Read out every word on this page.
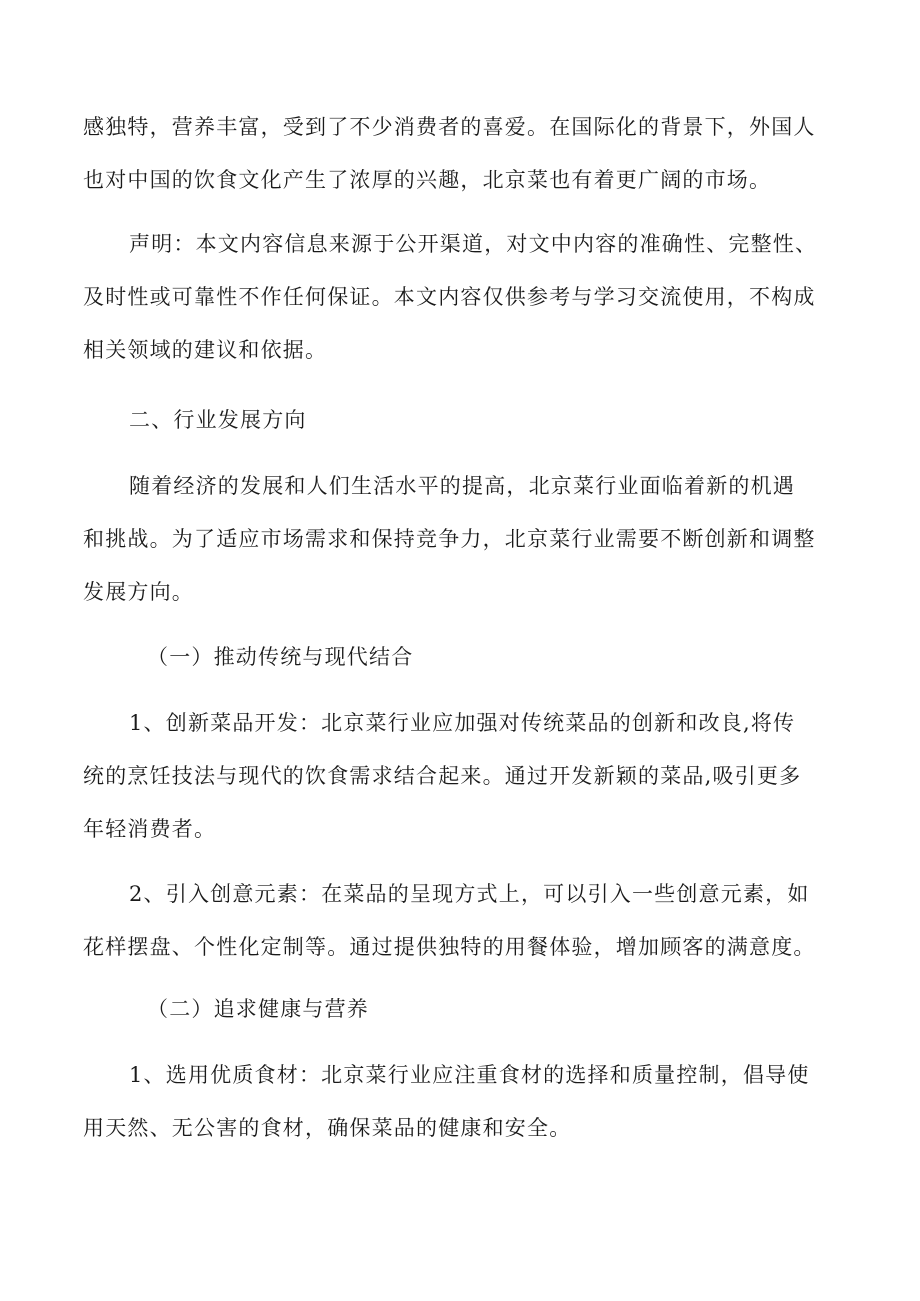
感独特，营养丰富，受到了不少消费者的喜爱。在国际化的背景下，外国人
也对中国的饮食文化产生了浓厚的兴趣，北京菜也有着更广阔的市场。
声明：本文内容信息来源于公开渠道，对文中内容的准确性、完整性、
及时性或可靠性不作任何保证。本文内容仅供参考与学习交流使用，不构成
相关领域的建议和依据。
二、行业发展方向
随着经济的发展和人们生活水平的提高，北京菜行业面临着新的机遇
和挑战。为了适应市场需求和保持竞争力，北京菜行业需要不断创新和调整
发展方向。
（一）推动传统与现代结合
1、创新菜品开发：北京菜行业应加强对传统菜品的创新和改良,将传
统的烹饪技法与现代的饮食需求结合起来。通过开发新颖的菜品,吸引更多
年轻消费者。
2、引入创意元素：在菜品的呈现方式上，可以引入一些创意元素，如
花样摆盘、个性化定制等。通过提供独特的用餐体验，增加顾客的满意度。
（二）追求健康与营养
1、选用优质食材：北京菜行业应注重食材的选择和质量控制，倡导使
用天然、无公害的食材，确保菜品的健康和安全。
